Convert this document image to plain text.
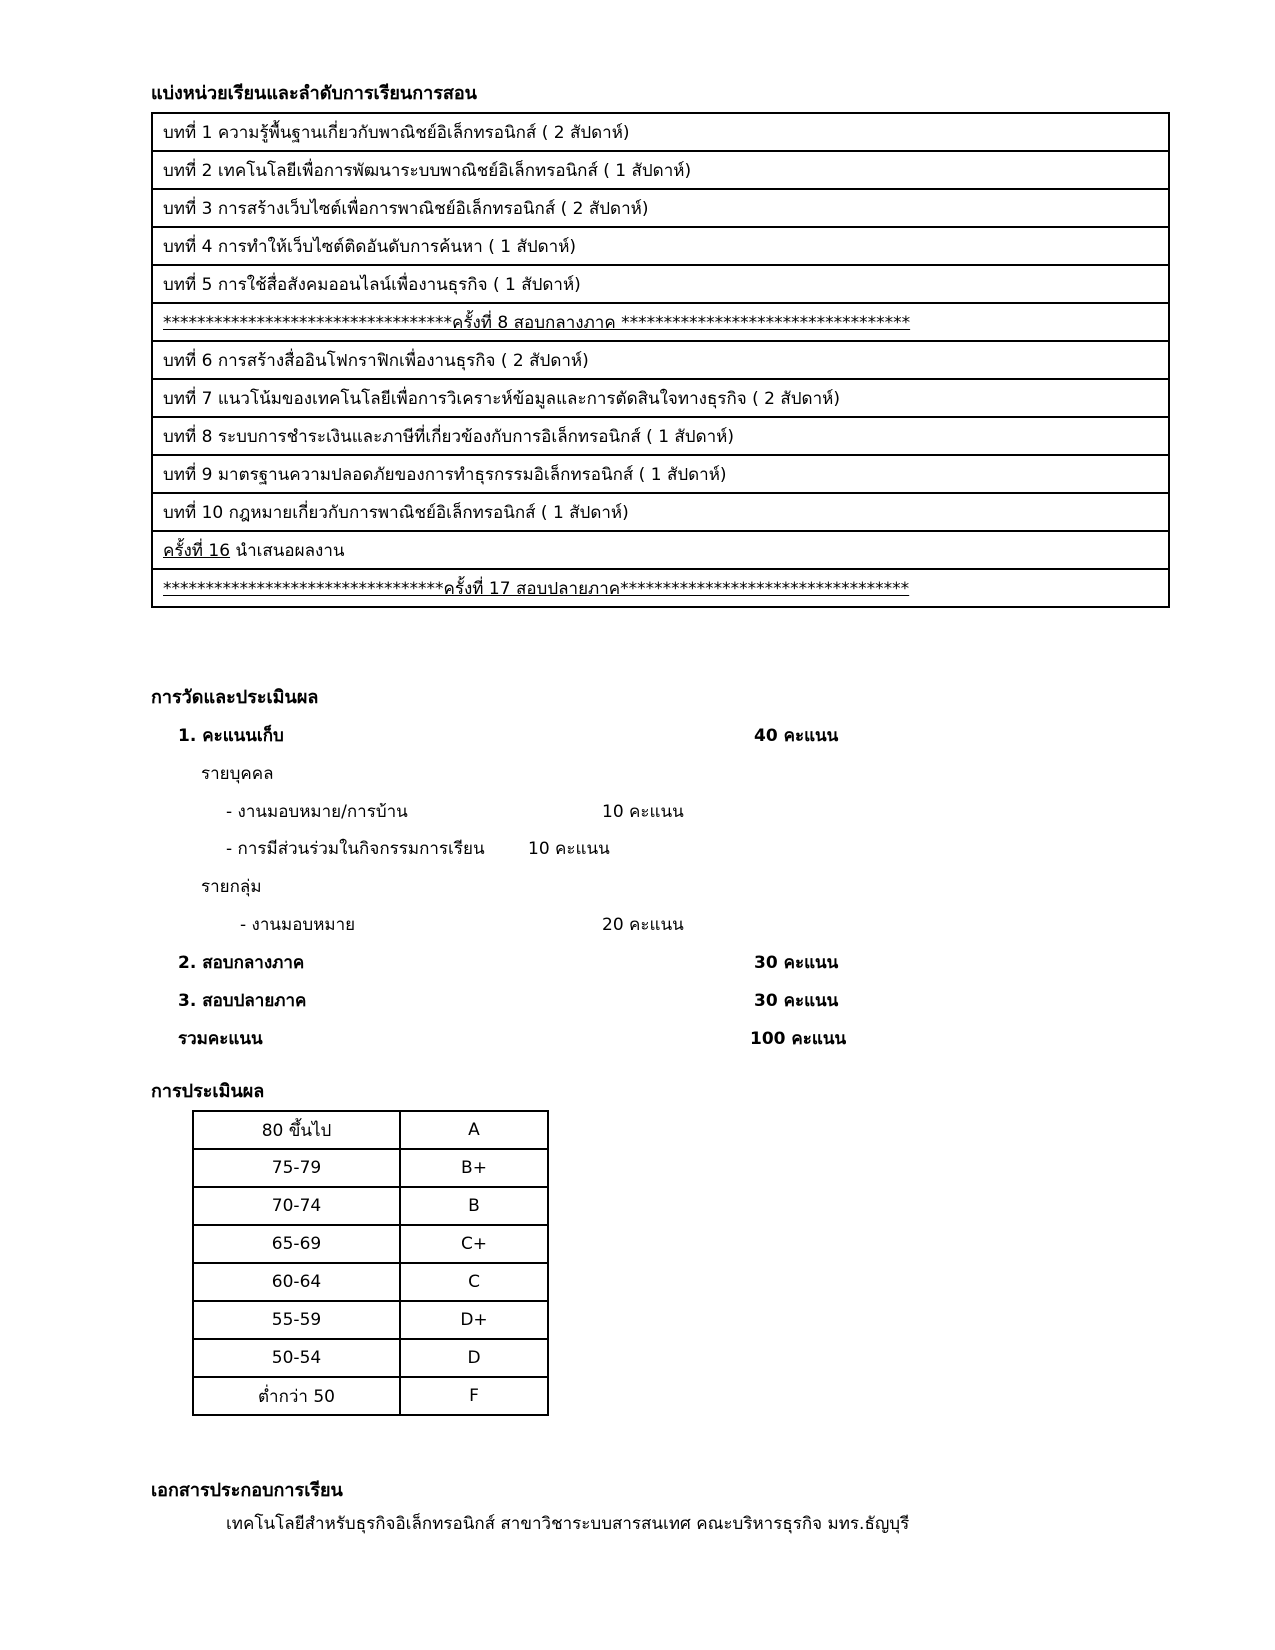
แบ่งหน่วยเรียนและลำดับการเรียนการสอน
บทที่ 1 ความรู้พื้นฐานเกี่ยวกับพาณิชย์อิเล็กทรอนิกส์ ( 2 สัปดาห์)
บทที่ 2 เทคโนโลยีเพื่อการพัฒนาระบบพาณิชย์อิเล็กทรอนิกส์ ( 1 สัปดาห์)
บทที่ 3 การสร้างเว็บไซต์เพื่อการพาณิชย์อิเล็กทรอนิกส์ ( 2 สัปดาห์)
บทที่ 4 การทำให้เว็บไซต์ติดอันดับการค้นหา ( 1 สัปดาห์)
บทที่ 5 การใช้สื่อสังคมออนไลน์เพื่องานธุรกิจ ( 1 สัปดาห์)
**********************************ครั้งที่ 8 สอบกลางภาค **********************************
บทที่ 6 การสร้างสื่ออินโฟกราฟิกเพื่องานธุรกิจ ( 2 สัปดาห์)
บทที่ 7 แนวโน้มของเทคโนโลยีเพื่อการวิเคราะห์ข้อมูลและการตัดสินใจทางธุรกิจ ( 2 สัปดาห์)
บทที่ 8 ระบบการชำระเงินและภาษีที่เกี่ยวข้องกับการอิเล็กทรอนิกส์ ( 1 สัปดาห์)
บทที่ 9 มาตรฐานความปลอดภัยของการทำธุรกรรมอิเล็กทรอนิกส์ ( 1 สัปดาห์)
บทที่ 10 กฎหมายเกี่ยวกับการพาณิชย์อิเล็กทรอนิกส์ ( 1 สัปดาห์)
ครั้งที่ 16 นำเสนอผลงาน
*********************************ครั้งที่ 17 สอบปลายภาค**********************************
การวัดและประเมินผล
1. คะแนนเก็บ	40 คะแนน
รายบุคคล
- งานมอบหมาย/การบ้าน	10 คะแนน
- การมีส่วนร่วมในกิจกรรมการเรียน	10 คะแนน
รายกลุ่ม
- งานมอบหมาย	20 คะแนน
2. สอบกลางภาค	30 คะแนน
3. สอบปลายภาค	30 คะแนน
รวมคะแนน	100 คะแนน
การประเมินผล
80 ขึ้นไป	A
75-79	B+
70-74	B
65-69	C+
60-64	C
55-59	D+
50-54	D
ต่ำกว่า 50	F
เอกสารประกอบการเรียน
เทคโนโลยีสำหรับธุรกิจอิเล็กทรอนิกส์ สาขาวิชาระบบสารสนเทศ คณะบริหารธุรกิจ มทร.ธัญบุรี
